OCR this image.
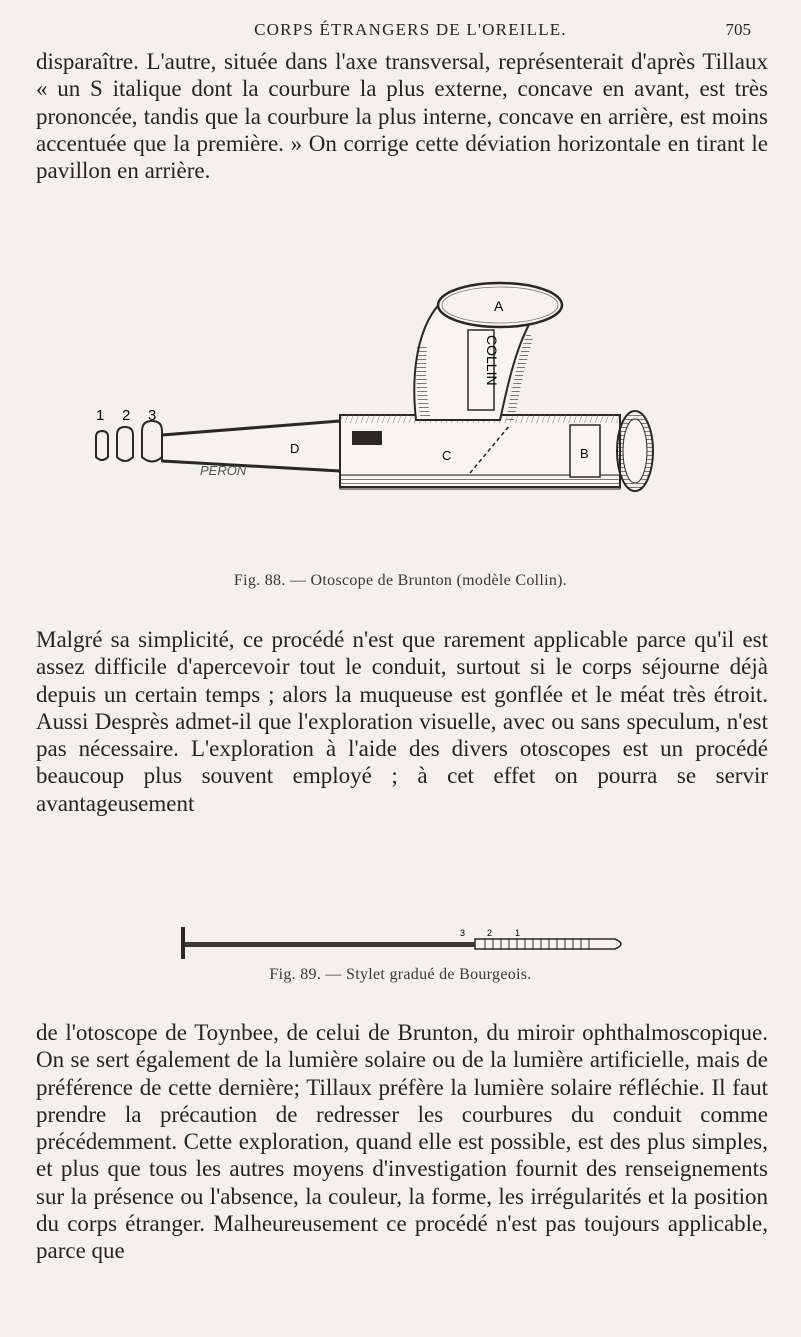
CORPS ÉTRANGERS DE L'OREILLE.	705

disparaître. L'autre, située dans l'axe transversal, représenterait d'après Tillaux « un S italique dont la courbure la plus externe, concave en avant, est très prononcée, tandis que la courbure la plus interne, concave en arrière, est moins accentuée que la première. » On corrige cette déviation horizontale en tirant le pavillon en arrière.

1 2 3
PERON
D
A
COLLIN
C	B
Fig. 88. — Otoscope de Brunton (modèle Collin).

Malgré sa simplicité, ce procédé n'est que rarement applicable parce qu'il est assez difficile d'apercevoir tout le conduit, surtout si le corps séjourne déjà depuis un certain temps ; alors la muqueuse est gonflée et le méat très étroit. Aussi Desprès admet-il que l'exploration visuelle, avec ou sans speculum, n'est pas nécessaire. L'exploration à l'aide des divers otoscopes est un procédé beaucoup plus souvent employé ; à cet effet on pourra se servir avantageusement

3 2	1
Fig. 89. — Stylet gradué de Bourgeois.

de l'otoscope de Toynbee, de celui de Brunton, du miroir ophthalmoscopique. On se sert également de la lumière solaire ou de la lumière artificielle, mais de préférence de cette dernière; Tillaux préfère la lumière solaire réfléchie. Il faut prendre la précaution de redresser les courbures du conduit comme précédemment. Cette exploration, quand elle est possible, est des plus simples, et plus que tous les autres moyens d'investigation fournit des renseignements sur la présence ou l'absence, la couleur, la forme, les irrégularités et la position du corps étranger. Malheureusement ce procédé n'est pas toujours applicable, parce que
